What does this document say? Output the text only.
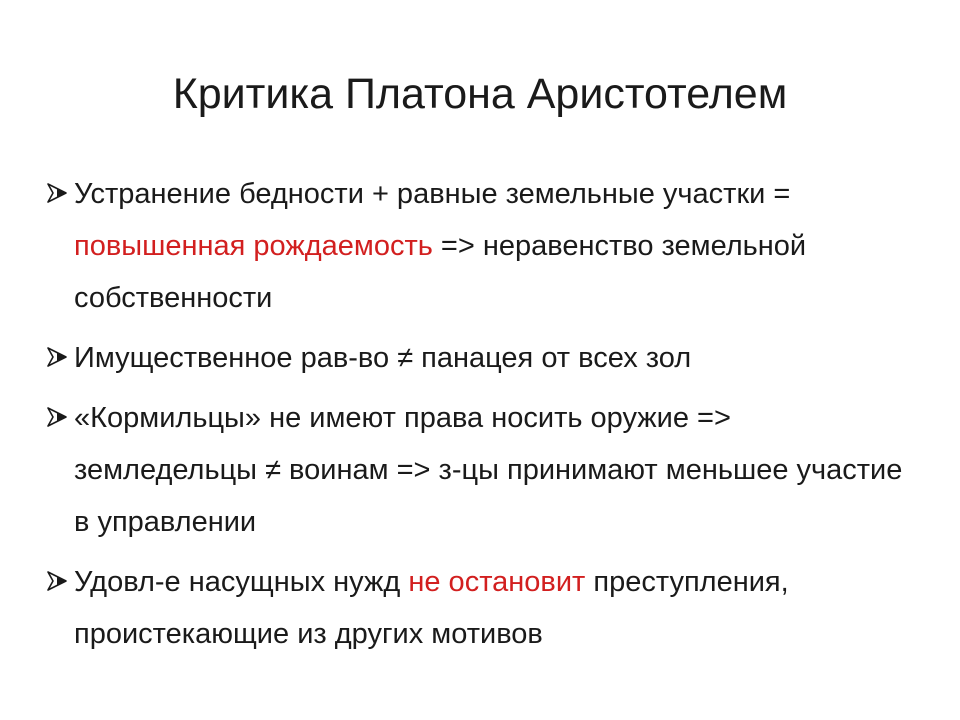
Критика Платона Аристотелем
Устранение бедности + равные земельные участки = повышенная рождаемость => неравенство земельной собственности
Имущественное рав-во ≠ панацея от всех зол
«Кормильцы» не имеют права носить оружие => земледельцы ≠ воинам => з-цы принимают меньшее участие в управлении
Удовл-е насущных нужд не остановит преступления, проистекающие из других мотивов
